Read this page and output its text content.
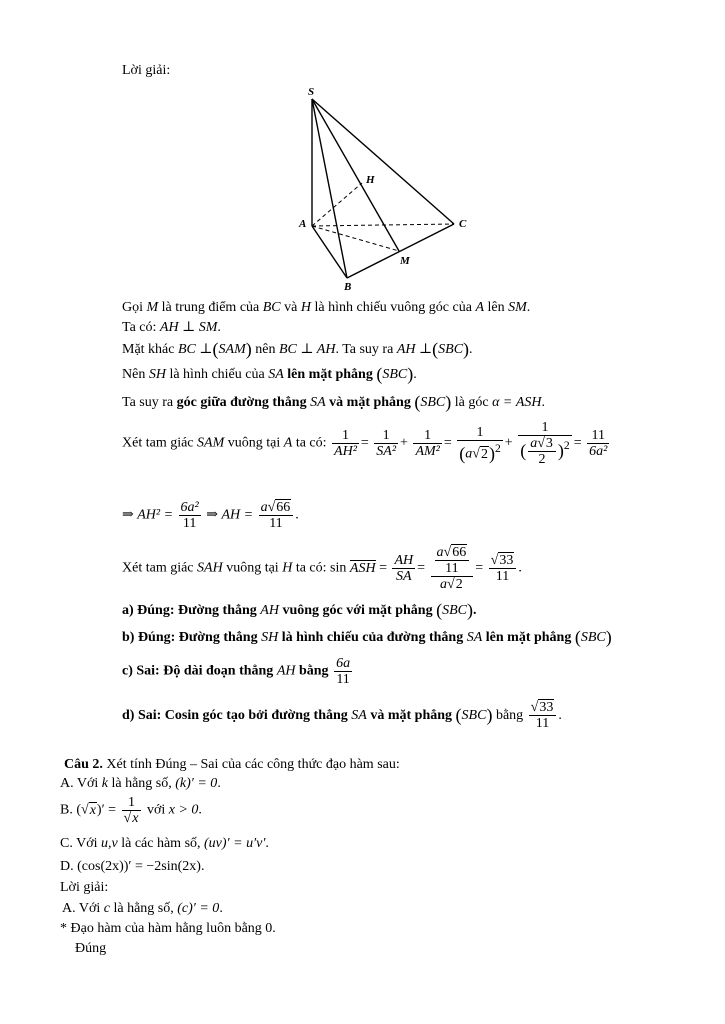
Lời giải:
S
H
A	C
M
B
Gọi M là trung điểm của BC và H là hình chiếu vuông góc của A lên SM.
Ta có: AH ⊥ SM.
Mặt khác BC ⊥(SAM) nên BC ⊥ AH. Ta suy ra AH ⊥(SBC).
Nên SH là hình chiếu của SA lên mặt phẳng (SBC).
Ta suy ra góc giữa đường thẳng SA và mặt phẳng (SBC) là góc α = ASH.
Xét tam giác SAM vuông tại A ta có: $\frac{1}{\text{AH²}} = \frac{1}{\text{SA²}} + \frac{1}{\text{AM²}} = \frac{1}{(a√2)^2} + \frac{1}{( \frac{a√3}{2} )^2} = \frac{11}{\text{6a²}}$
⇒ $AH^2 = \frac{\text{6a²}}{11}$ ⇒ AH = $\frac{a√66}{11}$ .
Xét tam giác SAH vuông tại H ta có: sin ASH = $\frac{AH}{SA} = \frac{\frac{a√66}{11}}{a√2} = \frac{√33}{11}$ .
a) Đúng: Đường thẳng AH vuông góc với mặt phẳng (SBC).
b) Đúng: Đường thẳng SH là hình chiếu của đường thẳng SA lên mặt phẳng (SBC)
c) Sai: Độ dài đoạn thẳng AH bằng $\frac{6a}{11}$
d) Sai: Cosin góc tạo bởi đường thẳng SA và mặt phẳng (SBC) bằng $\frac{√33}{11}$ .
Câu 2. Xét tính Đúng – Sai của các công thức đạo hàm sau:
A. Với k là hằng số, (k)′ = 0.
B. $(√x)' = \frac{1}{√x}$ với x > 0.
C. Với u,v là các hàm số, (uv)′ = u′v′.
D. (cos(2x))′ = −2sin(2x).
Lời giải:
A. Với c là hằng số, (c)′ = 0.
* Đạo hàm của hàm hằng luôn bằng 0.
Đúng
